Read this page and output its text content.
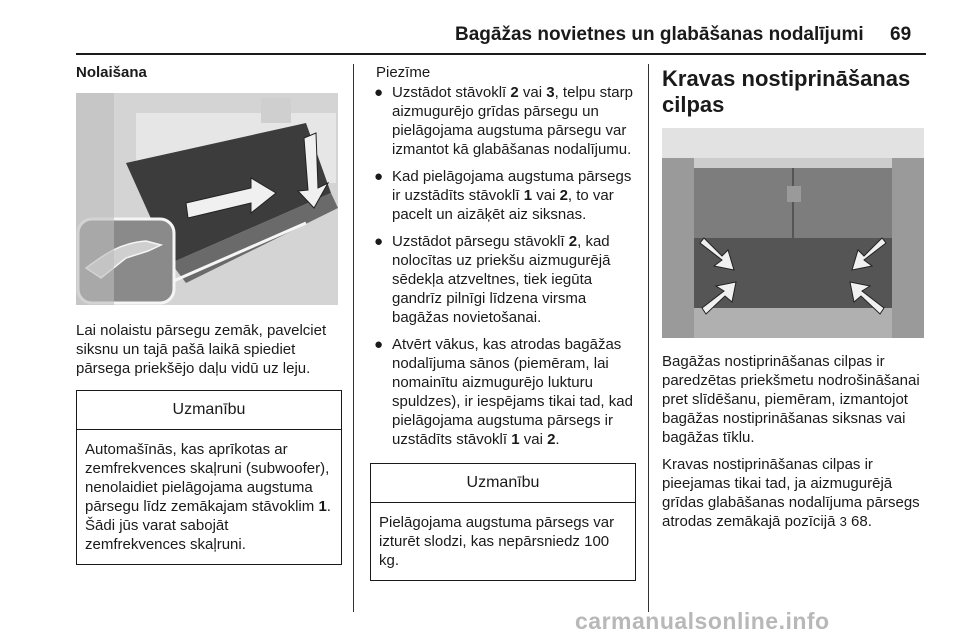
Bagāžas novietnes un glabāšanas nodalījumi 69
Nolaišana

Lai nolaistu pārsegu zemāk, pavelciet siksnu un tajā pašā laikā spiediet pārsega priekšējo daļu vidū uz leju.

Uzmanību
Automašīnās, kas aprīkotas ar zemfrekvences skaļruni (subwoofer), nenolaidiet pielāgojama augstuma pārsegu līdz zemākajam stāvoklim 1. Šādi jūs varat sabojāt zemfrekvences skaļruni.
Piezīme
● Uzstādot stāvoklī 2 vai 3, telpu starp aizmugurējo grīdas pārsegu un pielāgojama augstuma pārsegu var izmantot kā glabāšanas nodalījumu.
● Kad pielāgojama augstuma pārsegs ir uzstādīts stāvoklī 1 vai 2, to var pacelt un aizāķēt aiz siksnas.
● Uzstādot pārsegu stāvoklī 2, kad nolocītas uz priekšu aizmugurējā sēdekļa atzveltnes, tiek iegūta gandrīz pilnīgi līdzena virsma bagāžas novietošanai.
● Atvērt vākus, kas atrodas bagāžas nodalījuma sānos (piemēram, lai nomainītu aizmugurējo lukturu spuldzes), ir iespējams tikai tad, kad pielāgojama augstuma pārsegs ir uzstādīts stāvoklī 1 vai 2.
Uzmanību
Pielāgojama augstuma pārsegs var izturēt slodzi, kas nepārsniedz 100 kg.
Kravas nostiprināšanas cilpas

Bagāžas nostiprināšanas cilpas ir paredzētas priekšmetu nodrošināšanai pret slīdēšanu, piemēram, izmantojot bagāžas nostiprināšanas siksnas vai bagāžas tīklu.

Kravas nostiprināšanas cilpas ir pieejamas tikai tad, ja aizmugurējā grīdas glabāšanas nodalījuma pārsegs atrodas zemākajā pozīcijā 3 68.

carmanualsonline.info
